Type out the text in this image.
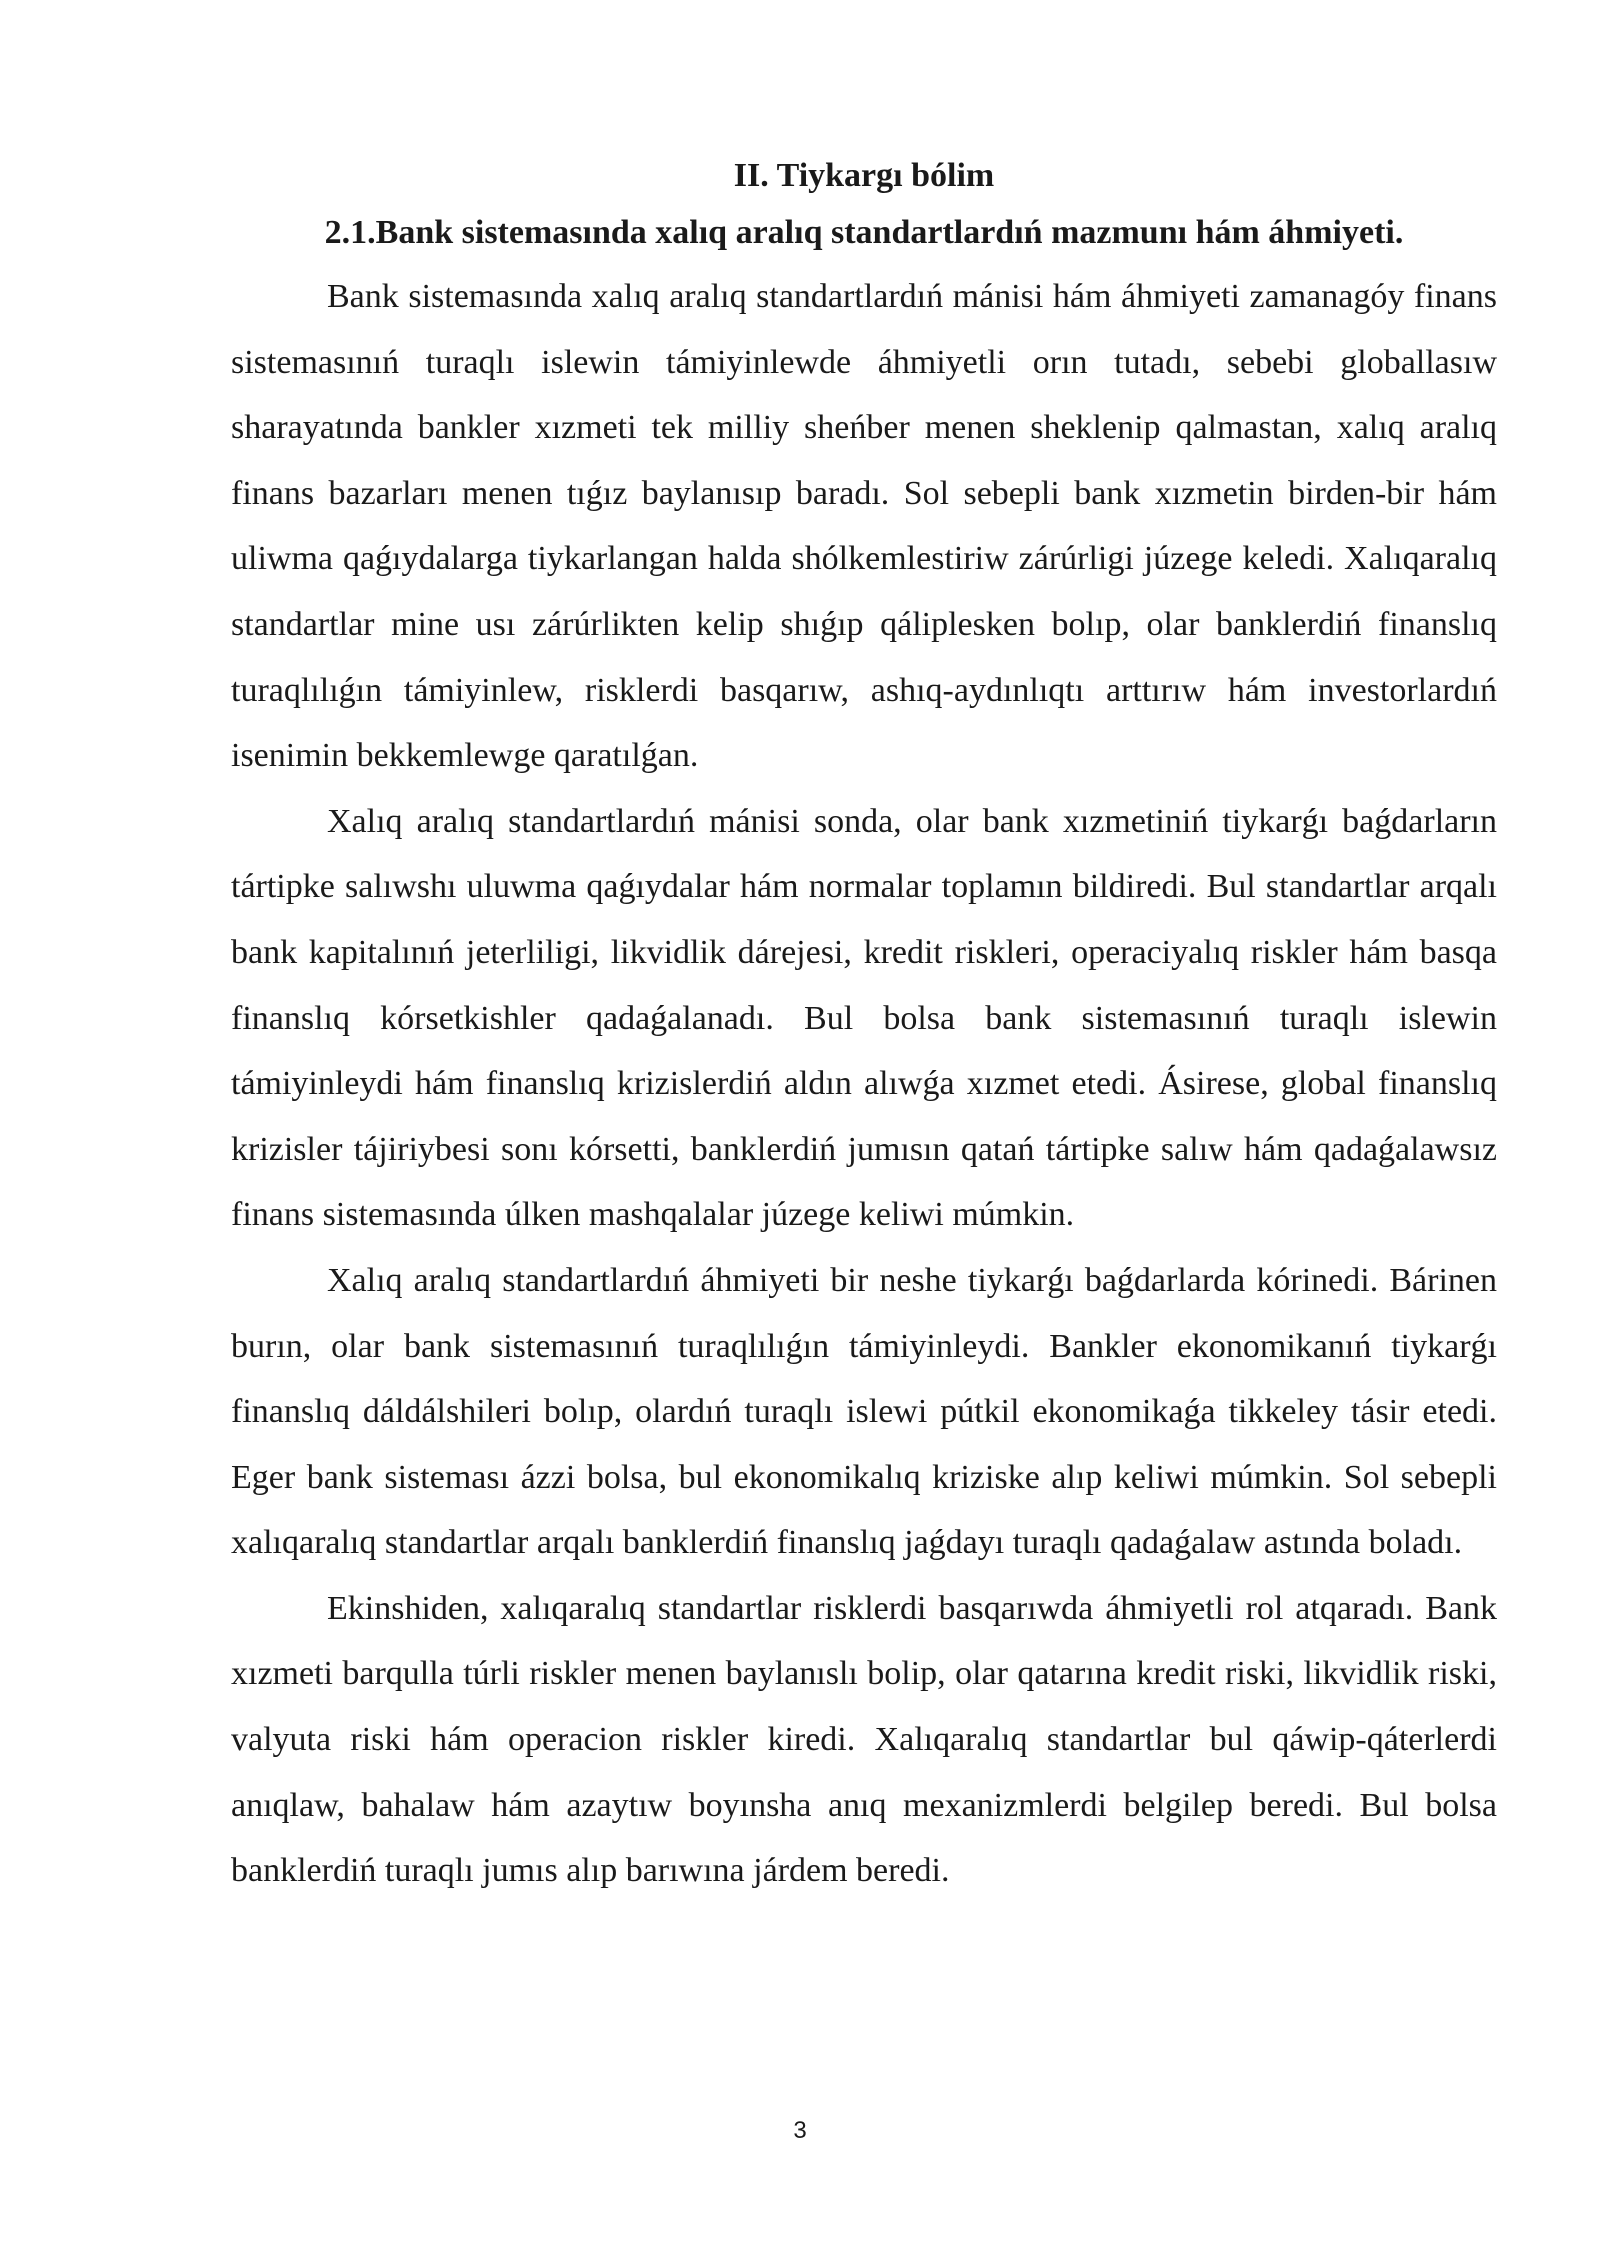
II. Tiykargı bólim
2.1.Bank sistemasında xalıq aralıq standartlardıń mazmunı hám áhmiyeti.

Bank sistemasında xalıq aralıq standartlardıń mánisi hám áhmiyeti zamanagóy finans sistemasınıń turaqlı islewin támiyinlewde áhmiyetli orın tutadı, sebebi globallasıw sharayatında bankler xızmeti tek milliy sheńber menen sheklenip qalmastan, xalıq aralıq finans bazarları menen tıǵız baylanısıp baradı. Sol sebepli bank xızmetin birden-bir hám uliwma qaǵıydalarga tiykarlangan halda shólkemlestiriw zárúrligi júzege keledi. Xalıqaralıq standartlar mine usı zárúrlikten kelip shıǵıp qáliplesken bolıp, olar banklerdiń finanslıq turaqlılıǵın támiyinlew, risklerdi basqarıw, ashıq-aydınlıqtı arttırıw hám investorlardıń isenimin bekkemlewge qaratılǵan.

Xalıq aralıq standartlardıń mánisi sonda, olar bank xızmetiniń tiykarǵı baǵdarların tártipke salıwshı uluwma qaǵıydalar hám normalar toplamın bildiredi. Bul standartlar arqalı bank kapitalınıń jeterliligi, likvidlik dárejesi, kredit riskleri, operaciyalıq riskler hám basqa finanslıq kórsetkishler qadaǵalanadı. Bul bolsa bank sistemasınıń turaqlı islewin támiyinleydi hám finanslıq krizislerdiń aldın alıwǵa xızmet etedi. Ásirese, global finanslıq krizisler tájiriybesi sonı kórsetti, banklerdiń jumısın qatań tártipke salıw hám qadaǵalawsız finans sistemasında úlken mashqalalar júzege keliwi múmkin.

Xalıq aralıq standartlardıń áhmiyeti bir neshe tiykarǵı baǵdarlarda kórinedi. Bárinen burın, olar bank sistemasınıń turaqlılıǵın támiyinleydi. Bankler ekonomikanıń tiykarǵı finanslıq dáldálshileri bolıp, olardıń turaqlı islewi pútkil ekonomikaǵa tikkeley tásir etedi. Eger bank sisteması ázzi bolsa, bul ekonomikalıq kriziske alıp keliwi múmkin. Sol sebepli xalıqaralıq standartlar arqalı banklerdiń finanslıq jaǵdayı turaqlı qadaǵalaw astında boladı.

Ekinshiden, xalıqaralıq standartlar risklerdi basqarıwda áhmiyetli rol atqaradı. Bank xızmeti barqulla túrli riskler menen baylanıslı bolip, olar qatarına kredit riski, likvidlik riski, valyuta riski hám operacion riskler kiredi. Xalıqaralıq standartlar bul qáwip-qáterlerdi anıqlaw, bahalaw hám azaytıw boyınsha anıq mexanizmlerdi belgilep beredi. Bul bolsa banklerdiń turaqlı jumıs alıp barıwına járdem beredi.

3
